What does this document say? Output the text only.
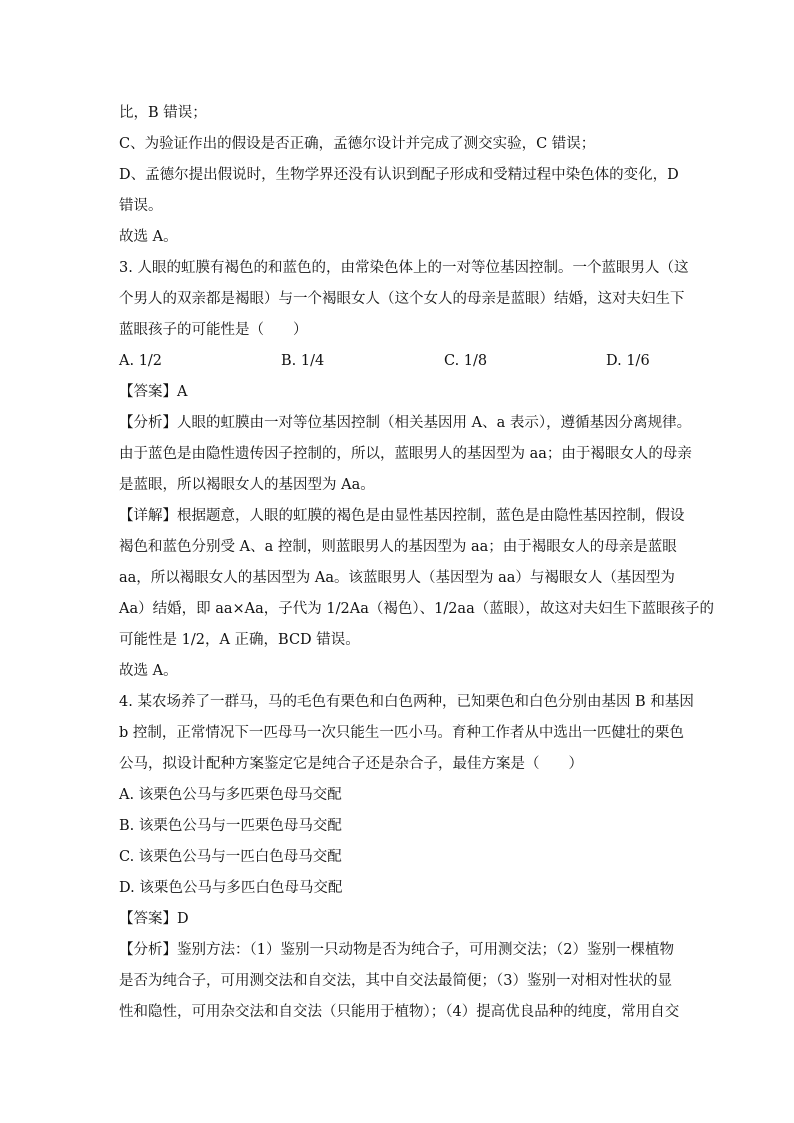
比，B 错误；

C、为验证作出的假设是否正确，孟德尔设计并完成了测交实验，C 错误；

D、孟德尔提出假说时，生物学界还没有认识到配子形成和受精过程中染色体的变化，D

错误。

故选 A。

3. 人眼的虹膜有褐色的和蓝色的，由常染色体上的一对等位基因控制。一个蓝眼男人（这

个男人的双亲都是褐眼）与一个褐眼女人（这个女人的母亲是蓝眼）结婚，这对夫妇生下

蓝眼孩子的可能性是（　　）

A. 1/2	B. 1/4	C. 1/8	D. 1/6

【答案】A

【分析】人眼的虹膜由一对等位基因控制（相关基因用 A、a 表示），遵循基因分离规律。

由于蓝色是由隐性遗传因子控制的，所以，蓝眼男人的基因型为 aa；由于褐眼女人的母亲

是蓝眼，所以褐眼女人的基因型为 Aa。

【详解】根据题意，人眼的虹膜的褐色是由显性基因控制，蓝色是由隐性基因控制，假设

褐色和蓝色分别受 A、a 控制，则蓝眼男人的基因型为 aa；由于褐眼女人的母亲是蓝眼

aa，所以褐眼女人的基因型为 Aa。该蓝眼男人（基因型为 aa）与褐眼女人（基因型为

Aa）结婚，即 aa×Aa，子代为 1/2Aa（褐色）、1/2aa（蓝眼），故这对夫妇生下蓝眼孩子的

可能性是 1/2，A 正确，BCD 错误。

故选 A。

4. 某农场养了一群马，马的毛色有栗色和白色两种，已知栗色和白色分别由基因 B 和基因

b 控制，正常情况下一匹母马一次只能生一匹小马。育种工作者从中选出一匹健壮的栗色

公马，拟设计配种方案鉴定它是纯合子还是杂合子，最佳方案是（　　）

A. 该栗色公马与多匹栗色母马交配

B. 该栗色公马与一匹栗色母马交配

C. 该栗色公马与一匹白色母马交配

D. 该栗色公马与多匹白色母马交配

【答案】D

【分析】鉴别方法：（1）鉴别一只动物是否为纯合子，可用测交法；（2）鉴别一棵植物

是否为纯合子，可用测交法和自交法，其中自交法最简便；（3）鉴别一对相对性状的显

性和隐性，可用杂交法和自交法（只能用于植物）；（4）提高优良品种的纯度，常用自交
